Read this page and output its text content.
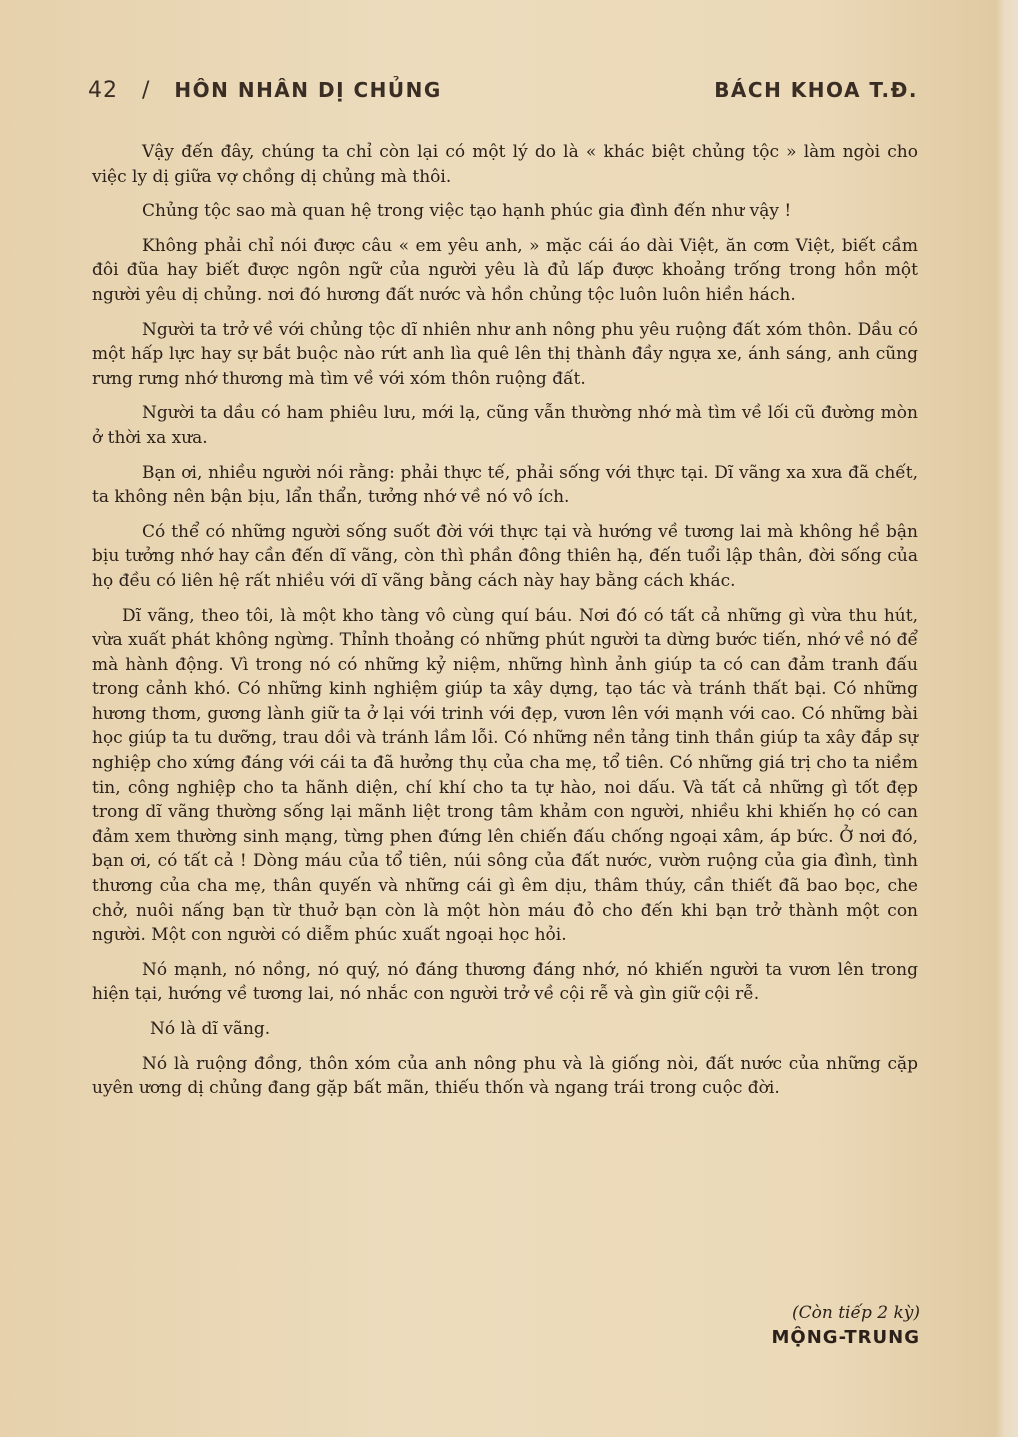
42 / HÔN NHÂN DỊ CHỦNG	BÁCH KHOA T.Đ.

Vậy đến đây, chúng ta chỉ còn lại có một lý do là « khác biệt chủng tộc » làm ngòi cho việc ly dị giữa vợ chồng dị chủng mà thôi.

Chủng tộc sao mà quan hệ trong việc tạo hạnh phúc gia đình đến như vậy !

Không phải chỉ nói được câu « em yêu anh, » mặc cái áo dài Việt, ăn cơm Việt, biết cầm đôi đũa hay biết được ngôn ngữ của người yêu là đủ lấp được khoảng trống trong hồn một người yêu dị chủng. nơi đó hương đất nước và hồn chủng tộc luôn luôn hiền hách.

Người ta trở về với chủng tộc dĩ nhiên như anh nông phu yêu ruộng đất xóm thôn. Dầu có một hấp lực hay sự bắt buộc nào rứt anh lìa quê lên thị thành đầy ngựa xe, ánh sáng, anh cũng rưng rưng nhớ thương mà tìm về với xóm thôn ruộng đất.

Người ta dầu có ham phiêu lưu, mới lạ, cũng vẫn thường nhớ mà tìm về lối cũ đường mòn ở thời xa xưa.

Bạn ơi, nhiều người nói rằng: phải thực tế, phải sống với thực tại. Dĩ vãng xa xưa đã chết, ta không nên bận bịu, lẩn thẩn, tưởng nhớ về nó vô ích.

Có thể có những người sống suốt đời với thực tại và hướng về tương lai mà không hề bận bịu tưởng nhớ hay cần đến dĩ vãng, còn thì phần đông thiên hạ, đến tuổi lập thân, đời sống của họ đều có liên hệ rất nhiều với dĩ vãng bằng cách này hay bằng cách khác.

Dĩ vãng, theo tôi, là một kho tàng vô cùng quí báu. Nơi đó có tất cả những gì vừa thu hút, vừa xuất phát không ngừng. Thỉnh thoảng có những phút người ta dừng bước tiến, nhớ về nó để mà hành động. Vì trong nó có những kỷ niệm, những hình ảnh giúp ta có can đảm tranh đấu trong cảnh khó. Có những kinh nghiệm giúp ta xây dựng, tạo tác và tránh thất bại. Có những hương thơm, gương lành giữ ta ở lại với trinh với đẹp, vươn lên với mạnh với cao. Có những bài học giúp ta tu dưỡng, trau dồi và tránh lầm lỗi. Có những nền tảng tinh thần giúp ta xây đắp sự nghiệp cho xứng đáng với cái ta đã hưởng thụ của cha mẹ, tổ tiên. Có những giá trị cho ta niềm tin, công nghiệp cho ta hãnh diện, chí khí cho ta tự hào, noi dấu. Và tất cả những gì tốt đẹp trong dĩ vãng thường sống lại mãnh liệt trong tâm khảm con người, nhiều khi khiến họ có can đảm xem thường sinh mạng, từng phen đứng lên chiến đấu chống ngoại xâm, áp bức. Ở nơi đó, bạn ơi, có tất cả ! Dòng máu của tổ tiên, núi sông của đất nước, vườn ruộng của gia đình, tình thương của cha mẹ, thân quyến và những cái gì êm dịu, thâm thúy, cần thiết đã bao bọc, che chở, nuôi nấng bạn từ thuở bạn còn là một hòn máu đỏ cho đến khi bạn trở thành một con người. Một con người có diễm phúc xuất ngoại học hỏi.

Nó mạnh, nó nồng, nó quý, nó đáng thương đáng nhớ, nó khiến người ta vươn lên trong hiện tại, hướng về tương lai, nó nhắc con người trở về cội rễ và gìn giữ cội rễ.

Nó là dĩ vãng.

Nó là ruộng đồng, thôn xóm của anh nông phu và là giống nòi, đất nước của những cặp uyên ương dị chủng đang gặp bất mãn, thiếu thốn và ngang trái trong cuộc đời.

(Còn tiếp 2 kỳ)
MỘNG-TRUNG
